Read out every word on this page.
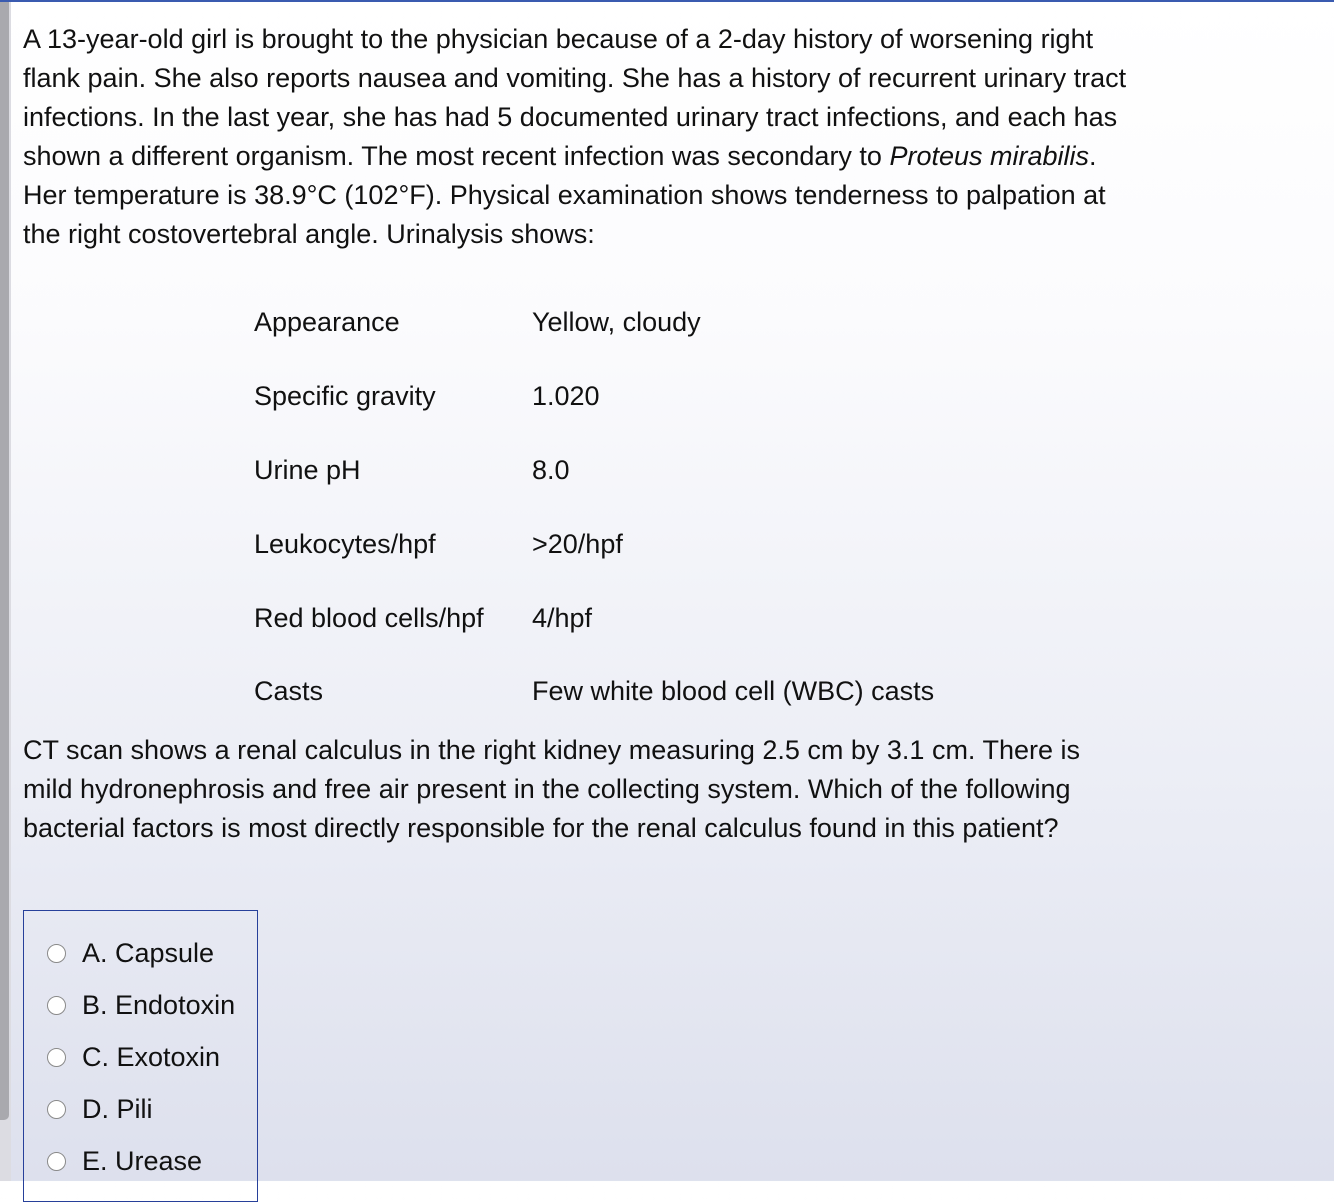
A 13-year-old girl is brought to the physician because of a 2-day history of worsening right flank pain. She also reports nausea and vomiting. She has a history of recurrent urinary tract infections. In the last year, she has had 5 documented urinary tract infections, and each has shown a different organism. The most recent infection was secondary to Proteus mirabilis. Her temperature is 38.9°C (102°F). Physical examination shows tenderness to palpation at the right costovertebral angle. Urinalysis shows:

Appearance	Yellow, cloudy
Specific gravity	1.020
Urine pH	8.0
Leukocytes/hpf	>20/hpf
Red blood cells/hpf	4/hpf
Casts	Few white blood cell (WBC) casts

CT scan shows a renal calculus in the right kidney measuring 2.5 cm by 3.1 cm. There is mild hydronephrosis and free air present in the collecting system. Which of the following bacterial factors is most directly responsible for the renal calculus found in this patient?

A. Capsule
B. Endotoxin
C. Exotoxin
D. Pili
E. Urease
